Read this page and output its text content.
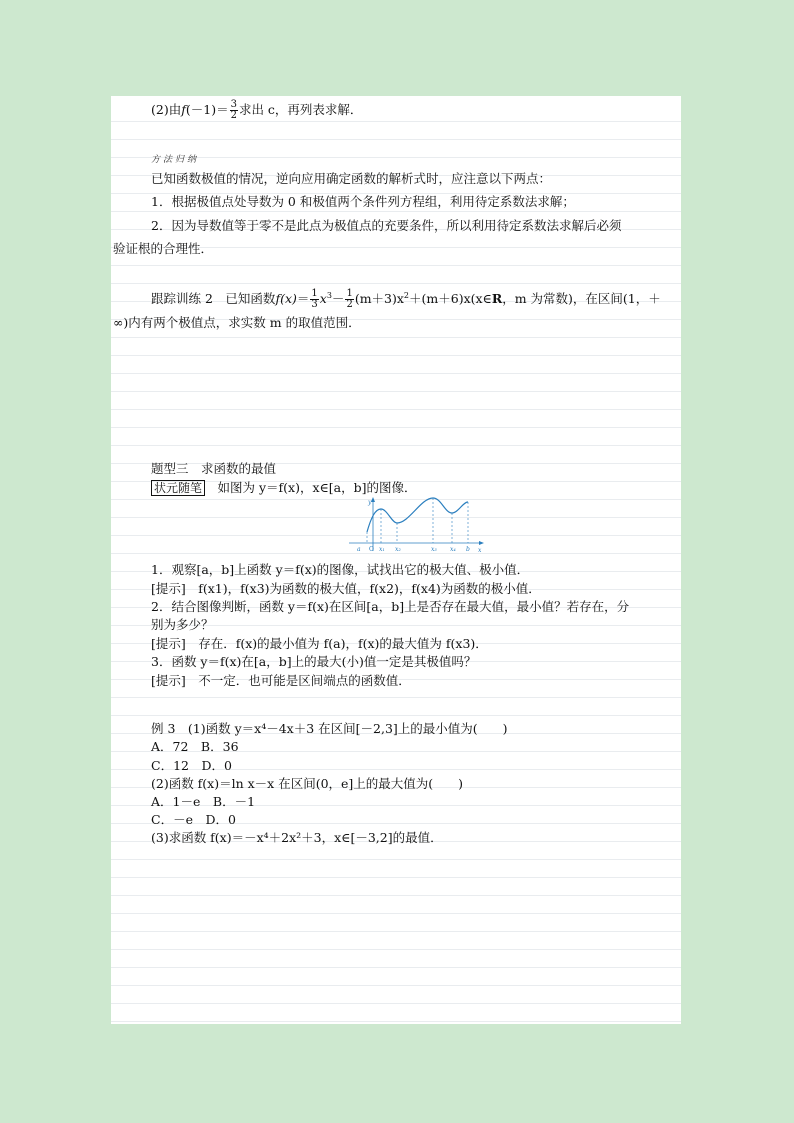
(2)由$f(-1)= \frac{3}{2}$ 求出 c，再列表求解．
方法归纳
已知函数极值的情况，逆向应用确定函数的解析式时，应注意以下两点：
1．根据极值点处导数为 0 和极值两个条件列方程组，利用待定系数法求解；
2．因为导数值等于零不是此点为极值点的充要条件，所以利用待定系数法求解后必须
验证根的合理性．
跟踪训练 2　已知函数$f(x)= \frac{1}{3} x^3- \frac{1}{2}$ $(m+3)x^2+(m+6)x(x\in R$，m 为常数)，在区间(1，＋
∞)内有两个极值点，求实数 m 的取值范围．
题型三　求函数的最值
状元随笔　如图为 y＝f(x)，x∈[a，b]的图像．
y
x
O
a	x₁ x₂	x₃ x₄ b
1．观察[a，b]上函数 y＝f(x)的图像，试找出它的极大值、极小值．
[提示]　f(x1)，f(x3)为函数的极大值，f(x2)，f(x4)为函数的极小值．
2．结合图像判断，函数 y＝f(x)在区间[a，b]上是否存在最大值，最小值？若存在，分
别为多少？
[提示]　存在．f(x)的最小值为 f(a)，f(x)的最大值为 f(x3)．
3．函数 y＝f(x)在[a，b]上的最大(小)值一定是其极值吗？
[提示]　不一定．也可能是区间端点的函数值．
例 3　(1)函数 y＝x⁴－4x＋3 在区间[－2,3]上的最小值为(　　)
A．72　B．36
C．12　D．0
(2)函数 f(x)＝ln x－x 在区间(0，e]上的最大值为(　　)
A．1－e　B．－1
C．－e　D．0
(3)求函数 f(x)＝－x⁴＋2x²＋3，x∈[－3,2]的最值．
